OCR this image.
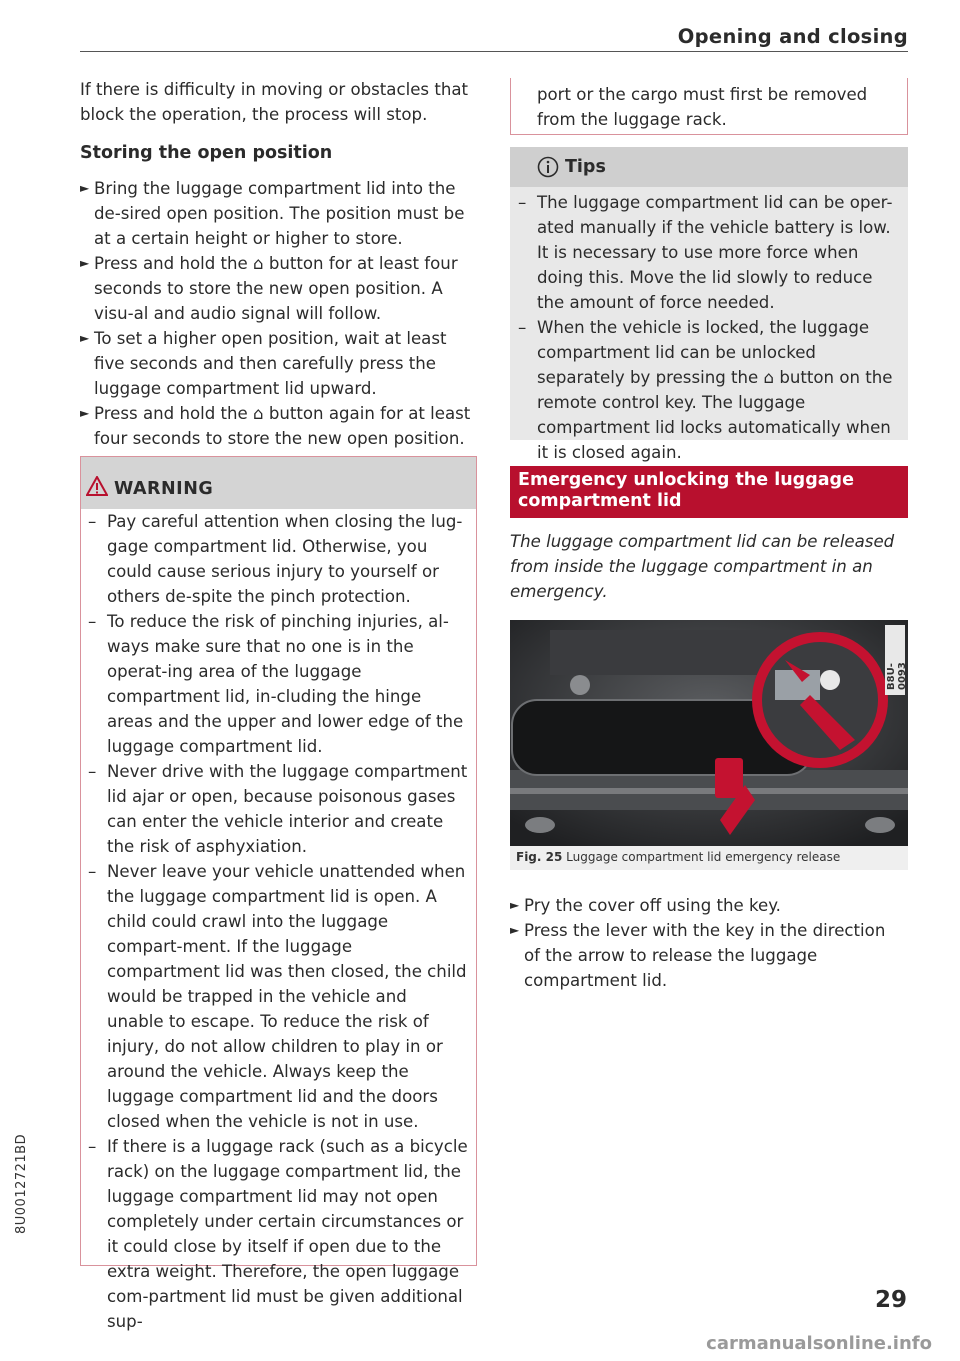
Opening and closing
If there is difficulty in moving or obstacles that block the operation, the process will stop.
Storing the open position
► Bring the luggage compartment lid into the de-sired open position. The position must be at a certain height or higher to store.
► Press and hold the ⌂ button for at least four seconds to store the new open position. A visu-al and audio signal will follow.
► To set a higher open position, wait at least five seconds and then carefully press the luggage compartment lid upward.
► Press and hold the ⌂ button again for at least four seconds to store the new open position.
WARNING
– Pay careful attention when closing the lug-gage compartment lid. Otherwise, you could cause serious injury to yourself or others de-spite the pinch protection.
– To reduce the risk of pinching injuries, al-ways make sure that no one is in the operat-ing area of the luggage compartment lid, in-cluding the hinge areas and the upper and lower edge of the luggage compartment lid.
– Never drive with the luggage compartment lid ajar or open, because poisonous gases can enter the vehicle interior and create the risk of asphyxiation.
– Never leave your vehicle unattended when the luggage compartment lid is open. A child could crawl into the luggage compart-ment. If the luggage compartment lid was then closed, the child would be trapped in the vehicle and unable to escape. To reduce the risk of injury, do not allow children to play in or around the vehicle. Always keep the luggage compartment lid and the doors closed when the vehicle is not in use.
– If there is a luggage rack (such as a bicycle rack) on the luggage compartment lid, the luggage compartment lid may not open completely under certain circumstances or it could close by itself if open due to the extra weight. Therefore, the open luggage com-partment lid must be given additional sup-
port or the cargo must first be removed from the luggage rack.
Tips
– The luggage compartment lid can be oper-ated manually if the vehicle battery is low. It is necessary to use more force when doing this. Move the lid slowly to reduce the amount of force needed.
– When the vehicle is locked, the luggage compartment lid can be unlocked separately by pressing the ⌂ button on the remote control key. The luggage compartment lid locks automatically when it is closed again.
Emergency unlocking the luggage compartment lid
The luggage compartment lid can be released from inside the luggage compartment in an emergency.
B8U-0093
Fig. 25 Luggage compartment lid emergency release
► Pry the cover off using the key.
► Press the lever with the key in the direction of the arrow to release the luggage compartment lid.
8U0012721BD
29
carmanualsonline.info
